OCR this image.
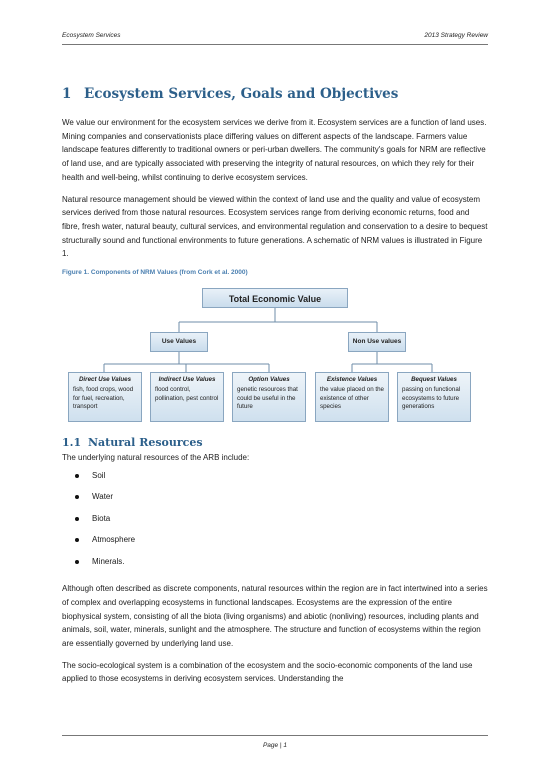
Ecosystem Services	2013 Strategy Review
1 Ecosystem Services, Goals and Objectives

We value our environment for the ecosystem services we derive from it. Ecosystem services are a function of land uses. Mining companies and conservationists place differing values on different aspects of the landscape. Farmers value landscape features differently to traditional owners or peri-urban dwellers. The community's goals for NRM are reflective of land use, and are typically associated with preserving the integrity of natural resources, on which they rely for their health and well-being, whilst continuing to derive ecosystem services.

Natural resource management should be viewed within the context of land use and the quality and value of ecosystem services derived from those natural resources. Ecosystem services range from deriving economic returns, food and fibre, fresh water, natural beauty, cultural services, and environmental regulation and conservation to a desire to bequest structurally sound and functional environments to future generations. A schematic of NRM values is illustrated in Figure 1.

Figure 1. Components of NRM Values (from Cork et al. 2000)
Total Economic Value
Use Values	Non Use values
Direct Use Values
fish, food crops, wood for fuel, recreation, transport
Indirect Use Values
flood control, pollination, pest control
Option Values
genetic resources that could be useful in the future
Existence Values
the value placed on the existence of other species
Bequest Values
passing on functional ecosystems to future generations
1.1 Natural Resources

The underlying natural resources of the ARB include:

Soil
Water
Biota
Atmosphere
Minerals.

Although often described as discrete components, natural resources within the region are in fact intertwined into a series of complex and overlapping ecosystems in functional landscapes. Ecosystems are the expression of the entire biophysical system, consisting of all the biota (living organisms) and abiotic (nonliving) resources, including plants and animals, soil, water, minerals, sunlight and the atmosphere. The structure and function of ecosystems within the region are essentially governed by underlying land use.

The socio-ecological system is a combination of the ecosystem and the socio-economic components of the land use applied to those ecosystems in deriving ecosystem services. Understanding the

Page | 1
